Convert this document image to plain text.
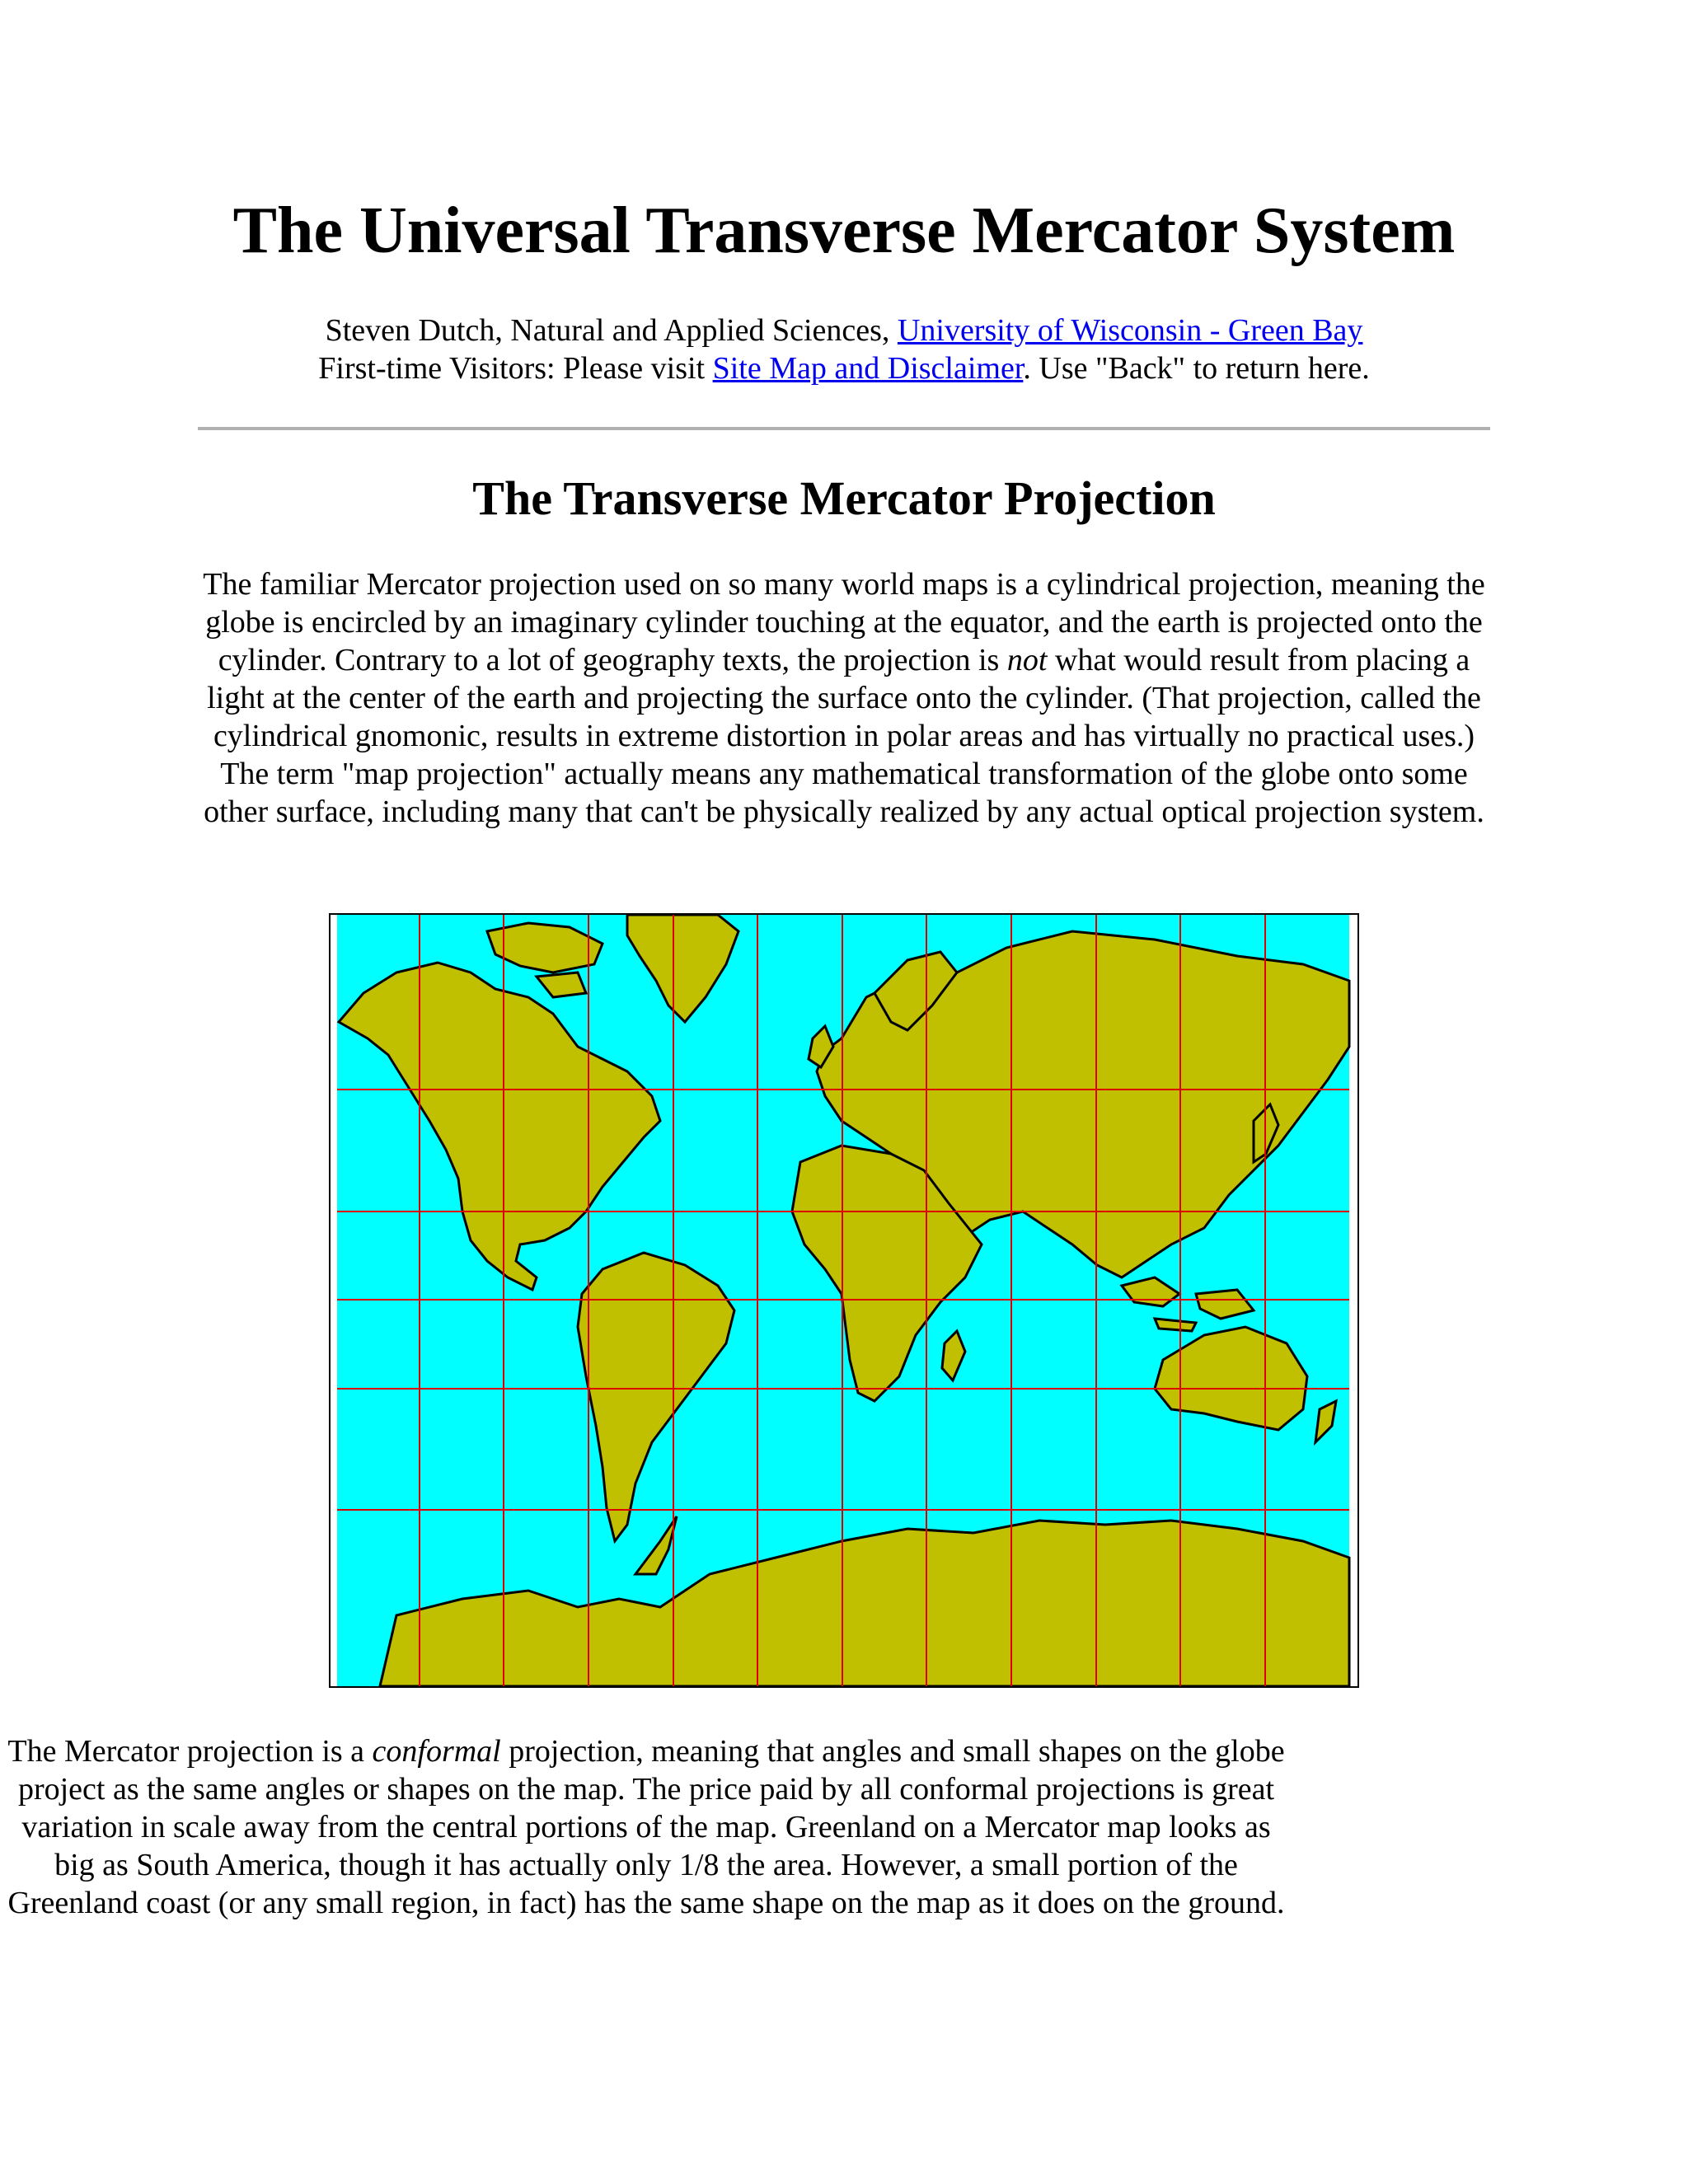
The Universal Transverse Mercator System
Steven Dutch, Natural and Applied Sciences, University of Wisconsin - Green Bay
First-time Visitors: Please visit Site Map and Disclaimer. Use "Back" to return here.
The Transverse Mercator Projection

The familiar Mercator projection used on so many world maps is a cylindrical projection, meaning the globe is encircled by an imaginary cylinder touching at the equator, and the earth is projected onto the cylinder. Contrary to a lot of geography texts, the projection is not what would result from placing a light at the center of the earth and projecting the surface onto the cylinder. (That projection, called the cylindrical gnomonic, results in extreme distortion in polar areas and has virtually no practical uses.) The term "map projection" actually means any mathematical transformation of the globe onto some other surface, including many that can't be physically realized by any actual optical projection system.

The Mercator projection is a conformal projection, meaning that angles and small shapes on the globe project as the same angles or shapes on the map. The price paid by all conformal projections is great variation in scale away from the central portions of the map. Greenland on a Mercator map looks as big as South America, though it has actually only 1/8 the area. However, a small portion of the Greenland coast (or any small region, in fact) has the same shape on the map as it does on the ground.
